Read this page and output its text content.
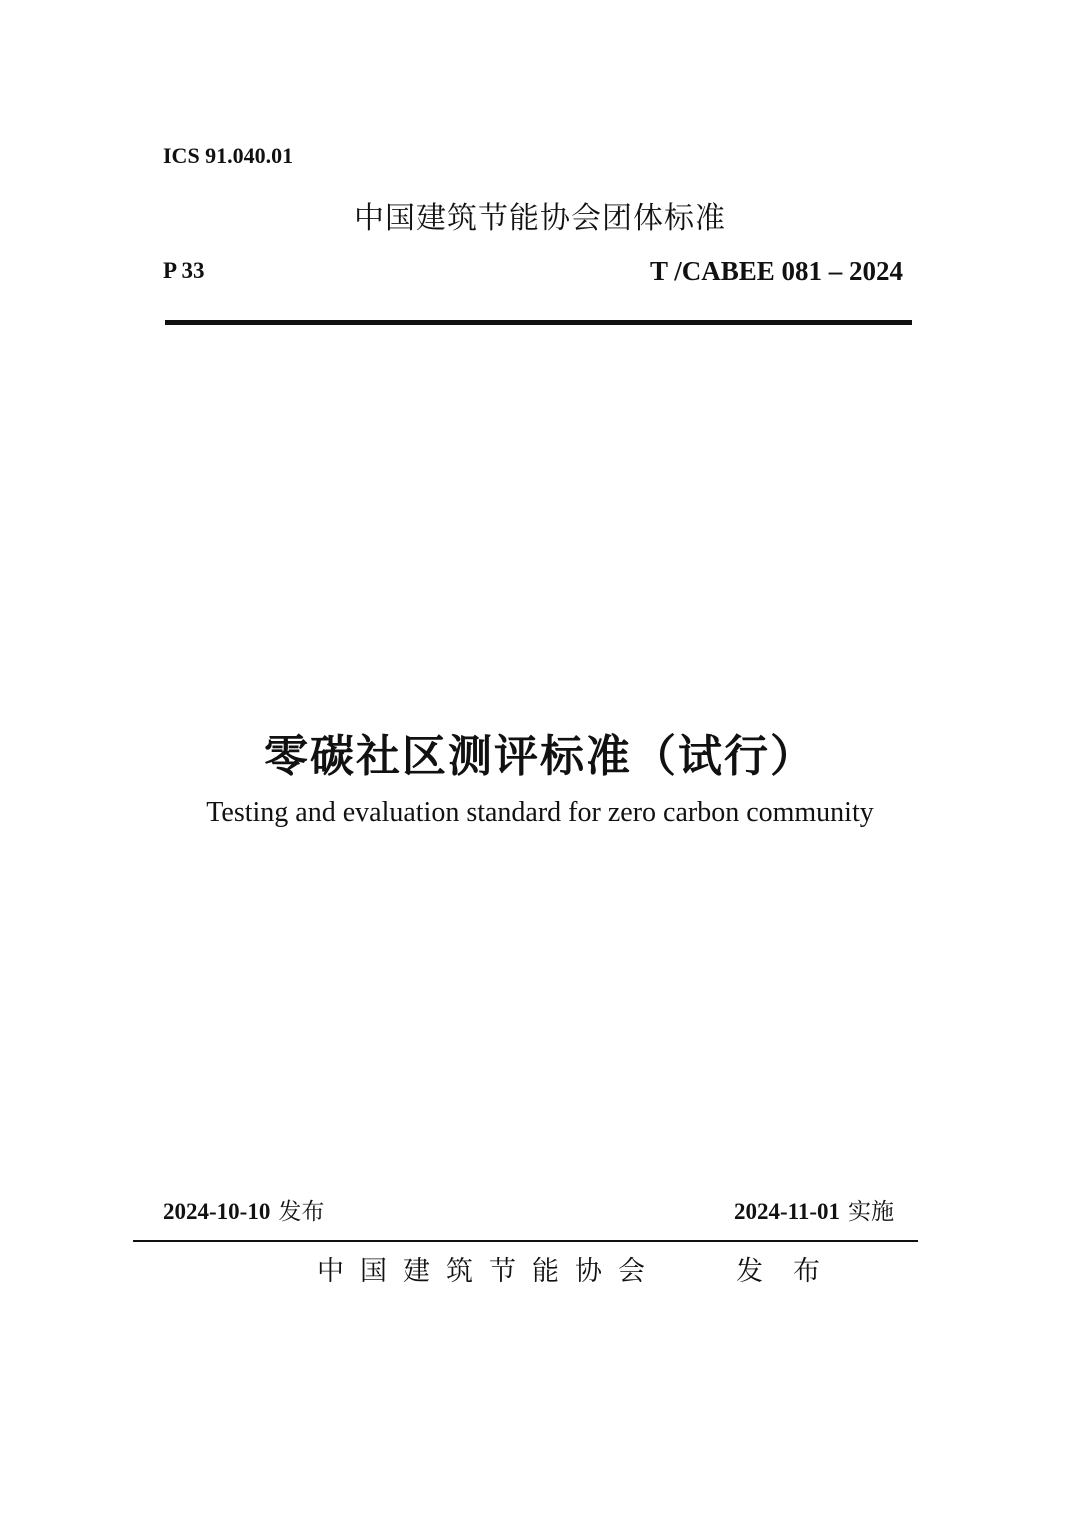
ICS 91.040.01
中国建筑节能协会团体标准
P 33	T /CABEE 081 – 2024
零碳社区测评标准（试行）
Testing and evaluation standard for zero carbon community
2024-10-10 发布	2024-11-01 实施
中国建筑节能协会	发布
